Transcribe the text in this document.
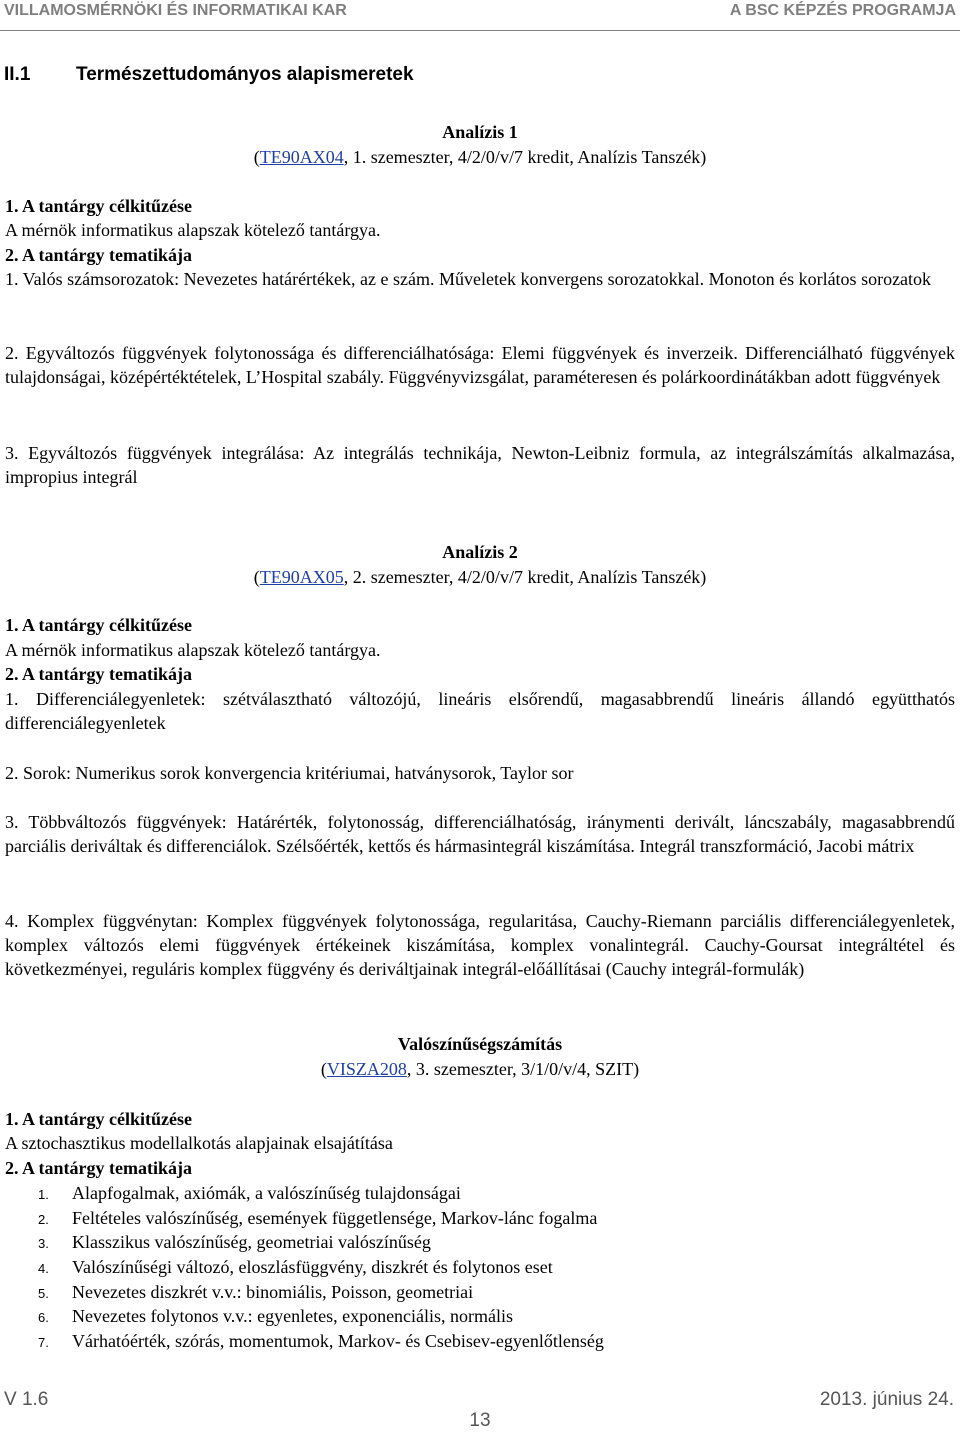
VILLAMOSMÉRNÖKI ÉS INFORMATIKAI KAR	A BSC KÉPZÉS PROGRAMJA
II.1 Természettudományos alapismeretek
Analízis 1
(TE90AX04, 1. szemeszter, 4/2/0/v/7 kredit, Analízis Tanszék)
1. A tantárgy célkitűzése
A mérnök informatikus alapszak kötelező tantárgya.
2. A tantárgy tematikája
1. Valós számsorozatok: Nevezetes határértékek, az e szám. Műveletek konvergens sorozatokkal. Monoton és korlátos sorozatok
2. Egyváltozós függvények folytonossága és differenciálhatósága: Elemi függvények és inverzeik. Differenciálható függvények tulajdonságai, középértéktételek, L’Hospital szabály. Függvényvizsgálat, paraméteresen és polárkoordinátákban adott függvények
3. Egyváltozós függvények integrálása: Az integrálás technikája, Newton-Leibniz formula, az integrálszámítás alkalmazása, impropius integrál
Analízis 2
(TE90AX05, 2. szemeszter, 4/2/0/v/7 kredit, Analízis Tanszék)
1. A tantárgy célkitűzése
A mérnök informatikus alapszak kötelező tantárgya.
2. A tantárgy tematikája
1. Differenciálegyenletek: szétválasztható változójú, lineáris elsőrendű, magasabbrendű lineáris állandó együtthatós differenciálegyenletek
2. Sorok: Numerikus sorok konvergencia kritériumai, hatványsorok, Taylor sor
3. Többváltozós függvények: Határérték, folytonosság, differenciálhatóság, iránymenti derivált, láncszabály, magasabbrendű parciális deriváltak és differenciálok. Szélsőérték, kettős és hármasintegrál kiszámítása. Integrál transzformáció, Jacobi mátrix
4. Komplex függvénytan: Komplex függvények folytonossága, regularitása, Cauchy-Riemann parciális differenciálegyenletek, komplex változós elemi függvények értékeinek kiszámítása, komplex vonalintegrál. Cauchy-Goursat integráltétel és következményei, reguláris komplex függvény és deriváltjainak integrál-előállításai (Cauchy integrál-formulák)
Valószínűségszámítás
(VISZA208, 3. szemeszter, 3/1/0/v/4, SZIT)
1. A tantárgy célkitűzése
A sztochasztikus modellalkotás alapjainak elsajátítása
2. A tantárgy tematikája
1. Alapfogalmak, axiómák, a valószínűség tulajdonságai
2. Feltételes valószínűség, események függetlensége, Markov-lánc fogalma
3. Klasszikus valószínűség, geometriai valószínűség
4. Valószínűségi változó, eloszlásfüggvény, diszkrét és folytonos eset
5. Nevezetes diszkrét v.v.: binomiális, Poisson, geometriai
6. Nevezetes folytonos v.v.: egyenletes, exponenciális, normális
7. Várhatóérték, szórás, momentumok, Markov- és Csebisev-egyenlőtlenség
V 1.6	2013. június 24.
13
